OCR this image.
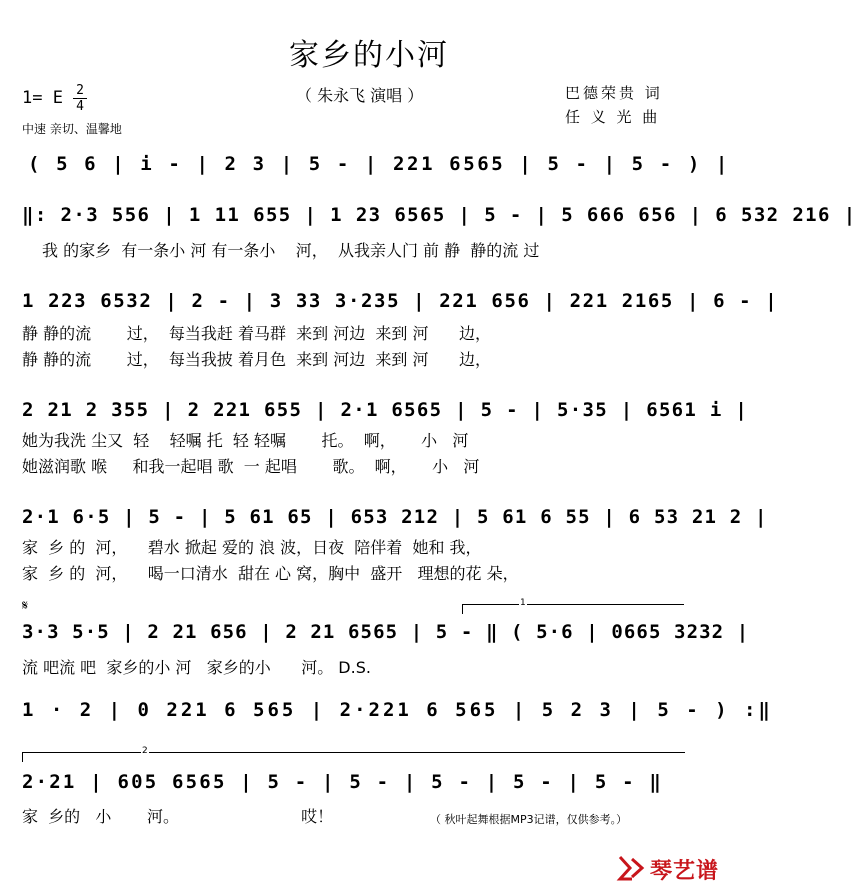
家乡的小河
（ 朱永飞 演唱 ）
1= E 2
4
中速 亲切、温馨地
巴德荣贵 词
任 义 光 曲
( 5 6 | i - | 2 3 | 5 - | 221 6565 | 5 - | 5 - ) |
‖: 2·3 556 | 1 11 655 | 1 23 6565 | 5 - | 5 666 656 | 6 532 216 |
我 的家乡  有一条小 河 有一条小    河，  从我亲人门 前 静  静的流 过
1 223 6532 | 2 - | 3 33 3·235 | 221 656 | 221 2165 | 6 - |
静 静的流       过，  每当我赶 着马群  来到 河边  来到 河      边，
静 静的流       过，  每当我披 着月色  来到 河边  来到 河      边，
2 21 2 355 | 2 221 655 | 2·1 6565 | 5 - | 5·35 | 6561 i |
她为我洗 尘又  轻    轻嘱 托  轻 轻嘱       托。  啊，     小   河
她滋润歌 喉     和我一起唱 歌  一 起唱       歌。  啊，     小   河
2·1 6·5 | 5 - | 5 61 65 | 653 212 | 5 61 6 55 | 6 53 21 2 |
家  乡 的  河，    碧水 掀起 爱的 浪 波，日夜  陪伴着  她和 我，
家  乡 的  河，    喝一口清水  甜在 心 窝，胸中  盛开   理想的花 朵，
𝄋	1
3·3 5·5 | 2 21 656 | 2 21 6565 | 5 - ‖ ( 5·6 | 0665 3232 |
流 吧流 吧  家乡的小 河   家乡的小      河。 D.S.
1 · 2 | 0 221 6 565 | 2·221 6 565 | 5 2 3 | 5 - ) :‖
2
2·21 | 605 6565 | 5 - | 5 - | 5 - | 5 - | 5 - ‖
家  乡的   小       河。                        哎！	（ 秋叶起舞根据MP3记谱，仅供参考。）
琴艺谱
